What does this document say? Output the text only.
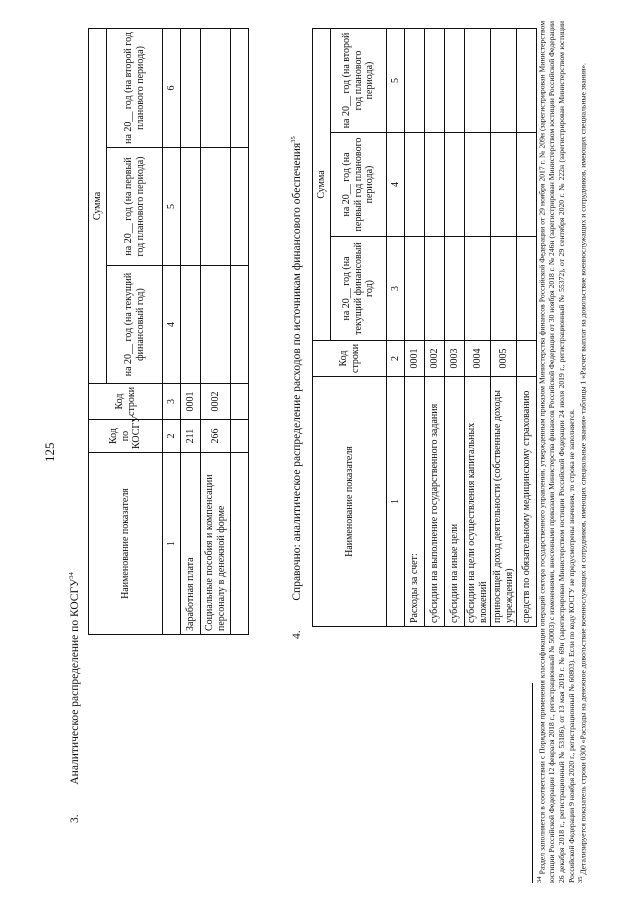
125
3.  Аналитическое распределение по КОСГУ$^{34}$	Наименование показателя	Код по КОСГУ	Код строки	Сумма		
			на 20__ год (на текущий финансовый год)	на 20__ год (на первый год планового периода)	на 20__ год (на второй год планового периода)
1	2	3	4	5	6
Заработная плата	211	0001			
Социальные пособия и компенсации персоналу в денежной форме	266	0002			

4.  Справочно: аналитическое распределение расходов по источникам финансового обеспечения$^{35}$
Наименование показателя	Код строки	Сумма		
		на 20__ год (на текущий финансовый год)	на 20__ год (на первый год планового периода)	на 20__ год (на второй год планового периода)
1	2	3	4	5
Расходы за счет:	0001			
субсидии на выполнение государственного задания	0002			
субсидии на иные цели	0003			
субсидии на цели осуществления капитальных вложений	0004			
приносящей доход деятельности (собственные доходы учреждения)	0005			
средств по обязательному медицинскому страхованию				

$^{34}$ Раздел заполняется в соответствии с Порядком применения классификации операций сектора государственного управления, утвержденным приказом Министерства финансов Российской Федерации от 29 ноября 2017 г. № 209н (зарегистрирован Министерством юстиции Российской Федерации 12 февраля 2018 г., регистрационный № 50003) с изменениями, внесенными приказами Министерства финансов Российской Федерации от 30 ноября 2018 г. № 246н (зарегистрирован Министерством юстиции Российской Федерации 26 декабря 2018 г., регистрационный № 53186), от 13 мая 2019 г. № 69н (зарегистрирован Министерством юстиции Российской Федерации 24 июля 2019 г., регистрационный № 55372), от 29 сентября 2020 г. № 222н (зарегистрирован Министерством юстиции Российской Федерации 9 ноября 2020 г., регистрационный № 60803). Если по коду КОСГУ не предусмотрены значения, то строка не заполняется. $^{35}$ Детализируется показатель строки 0300 «Расходы на денежное довольствие военнослужащих и сотрудников, имеющих специальные звания» таблицы 1 «Расчет выплат на довольствие военнослужащих и сотрудников, имеющих специальные звания».
